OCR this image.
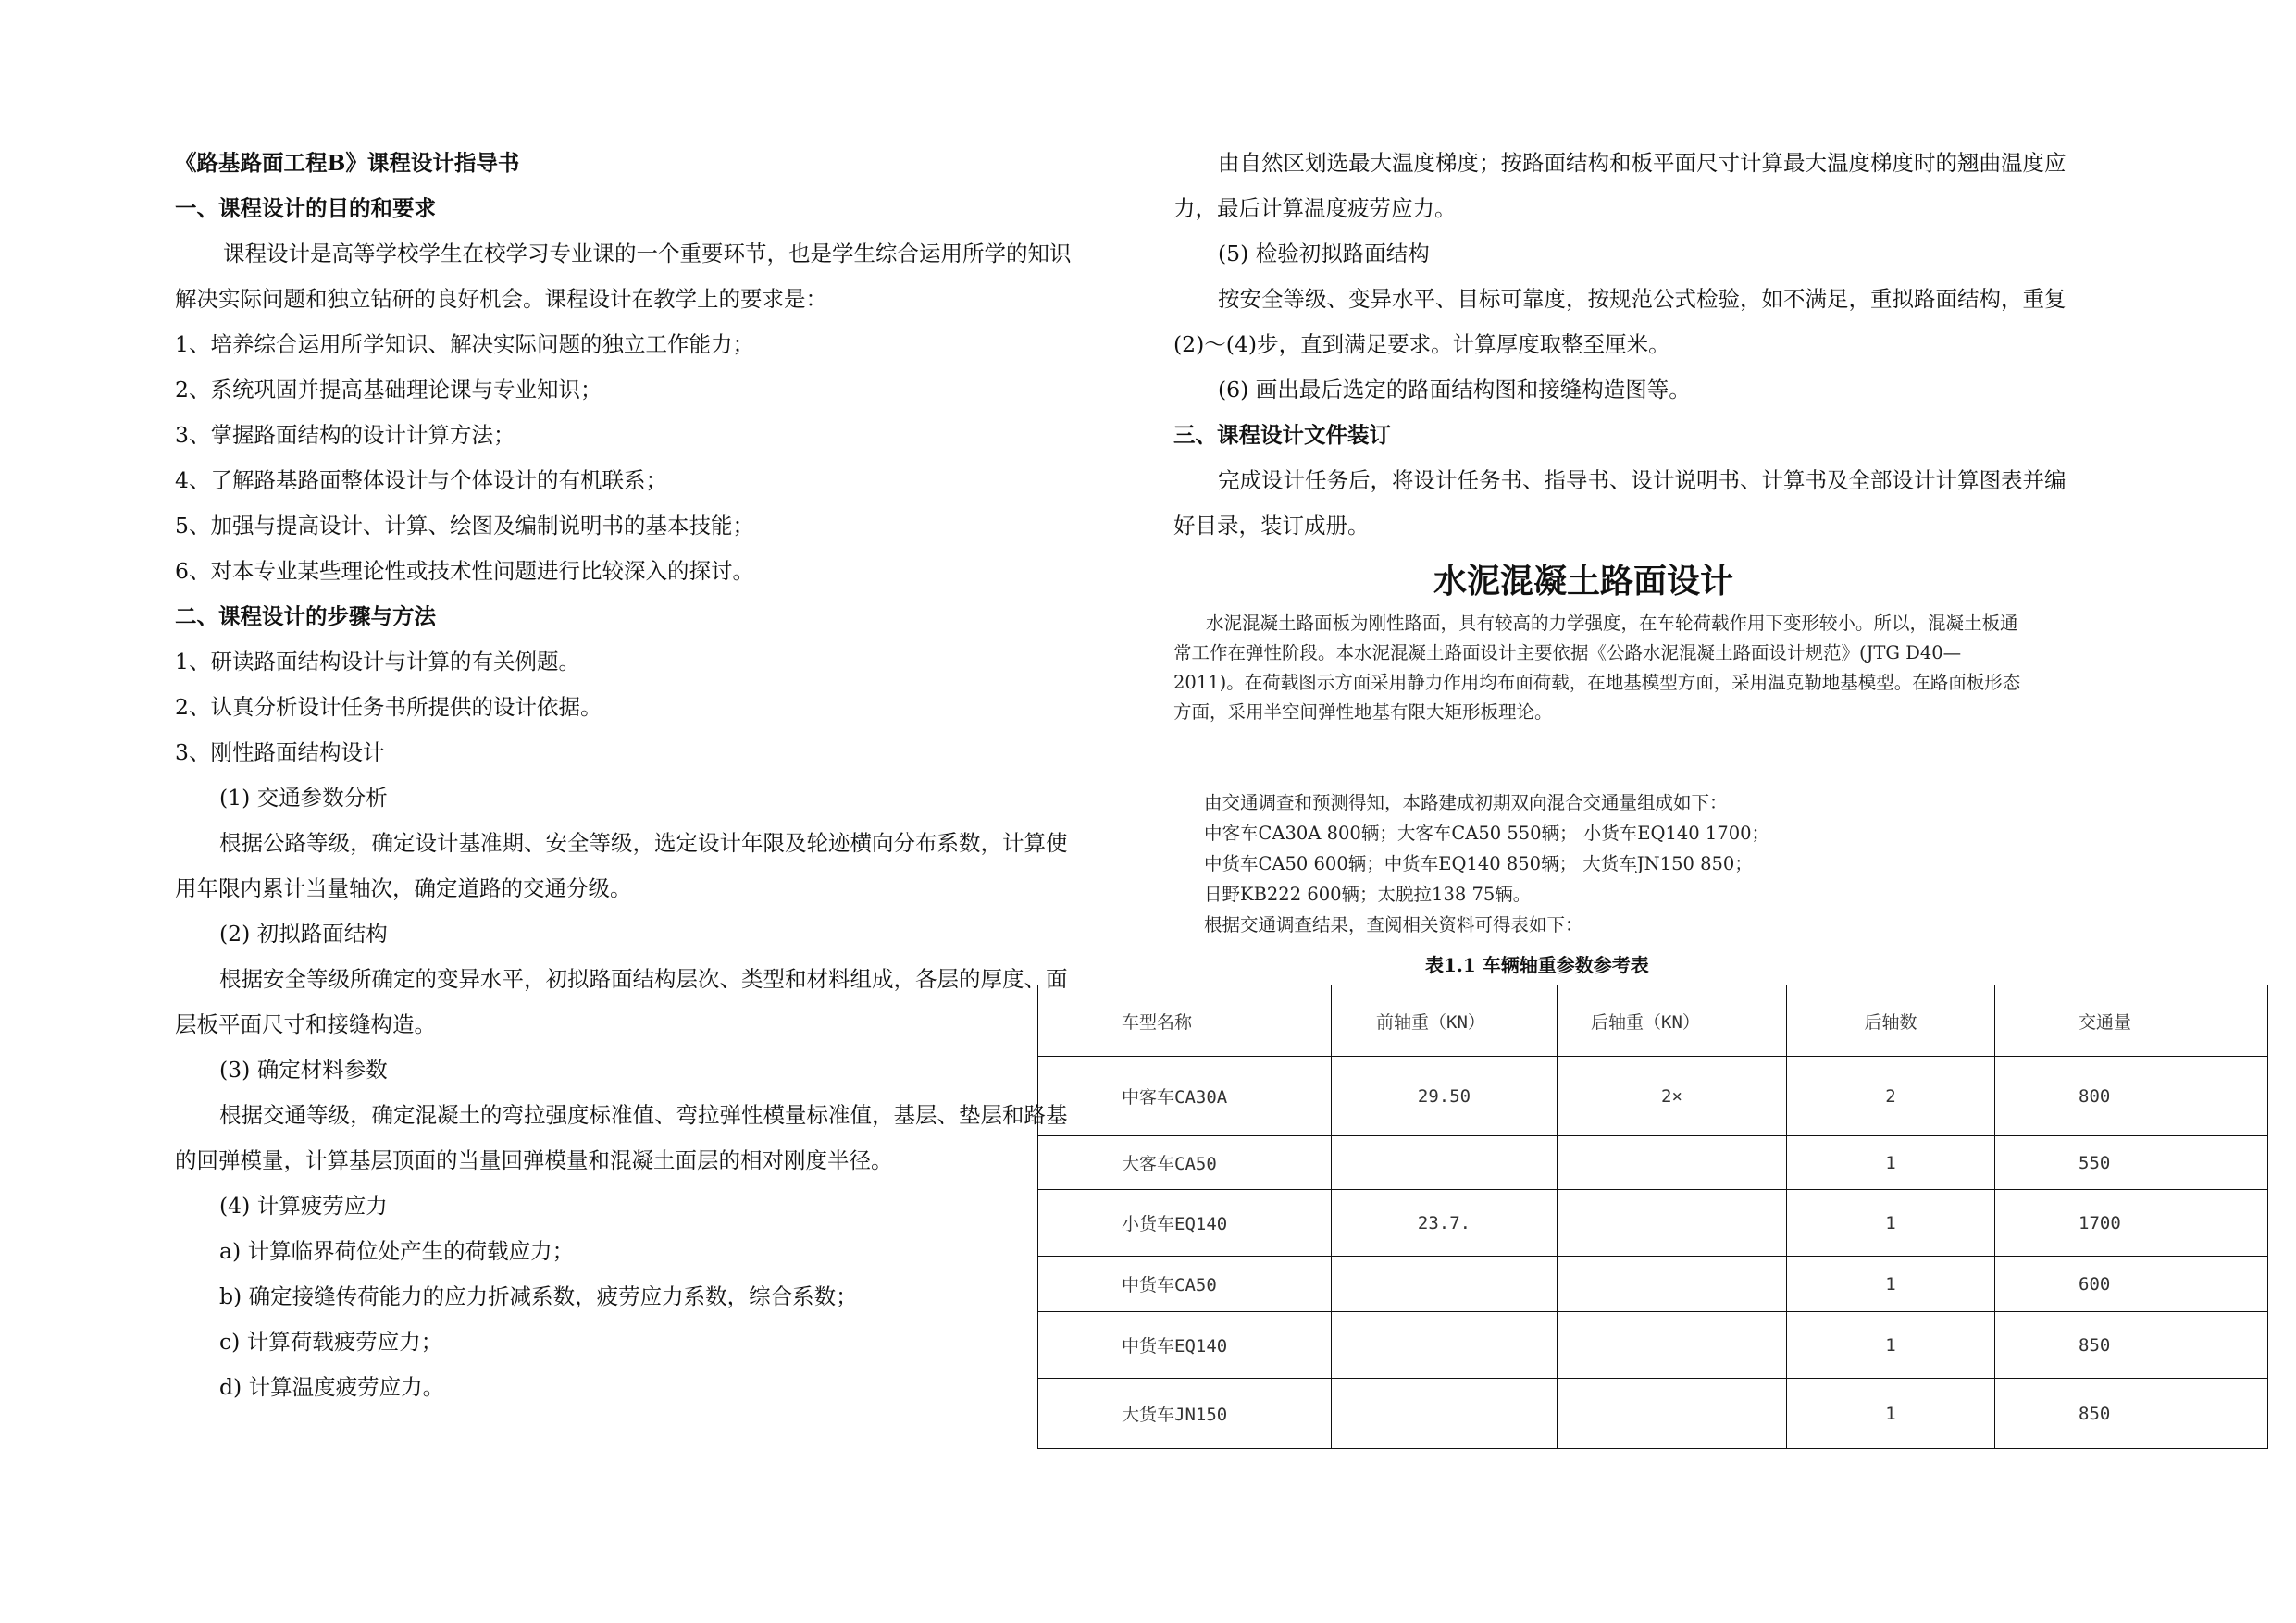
《路基路面工程B》课程设计指导书
一、课程设计的目的和要求
课程设计是高等学校学生在校学习专业课的一个重要环节，也是学生综合运用所学的知识
解决实际问题和独立钻研的良好机会。课程设计在教学上的要求是：
1、培养综合运用所学知识、解决实际问题的独立工作能力；
2、系统巩固并提高基础理论课与专业知识；
3、掌握路面结构的设计计算方法；
4、了解路基路面整体设计与个体设计的有机联系；
5、加强与提高设计、计算、绘图及编制说明书的基本技能；
6、对本专业某些理论性或技术性问题进行比较深入的探讨。
二、课程设计的步骤与方法
1、研读路面结构设计与计算的有关例题。
2、认真分析设计任务书所提供的设计依据。
3、刚性路面结构设计
(1) 交通参数分析
根据公路等级，确定设计基准期、安全等级，选定设计年限及轮迹横向分布系数，计算使
用年限内累计当量轴次，确定道路的交通分级。
(2) 初拟路面结构
根据安全等级所确定的变异水平，初拟路面结构层次、类型和材料组成，各层的厚度、面
层板平面尺寸和接缝构造。
(3) 确定材料参数
根据交通等级，确定混凝土的弯拉强度标准值、弯拉弹性模量标准值，基层、垫层和路基
的回弹模量，计算基层顶面的当量回弹模量和混凝土面层的相对刚度半径。
(4) 计算疲劳应力
a) 计算临界荷位处产生的荷载应力；
b) 确定接缝传荷能力的应力折减系数，疲劳应力系数，综合系数；
c) 计算荷载疲劳应力；
d) 计算温度疲劳应力。
由自然区划选最大温度梯度；按路面结构和板平面尺寸计算最大温度梯度时的翘曲温度应
力，最后计算温度疲劳应力。
(5) 检验初拟路面结构
按安全等级、变异水平、目标可靠度，按规范公式检验，如不满足，重拟路面结构，重复
(2)～(4)步，直到满足要求。计算厚度取整至厘米。
(6) 画出最后选定的路面结构图和接缝构造图等。
三、课程设计文件装订
完成设计任务后，将设计任务书、指导书、设计说明书、计算书及全部设计计算图表并编
好目录，装订成册。
水泥混凝土路面设计
水泥混凝土路面板为刚性路面，具有较高的力学强度，在车轮荷载作用下变形较小。所以，混凝土板通
常工作在弹性阶段。本水泥混凝土路面设计主要依据《公路水泥混凝土路面设计规范》(JTG D40—
2011)。在荷载图示方面采用静力作用均布面荷载，在地基模型方面，采用温克勒地基模型。在路面板形态
方面，采用半空间弹性地基有限大矩形板理论。
由交通调查和预测得知，本路建成初期双向混合交通量组成如下：
中客车CA30A 800辆；大客车CA50 550辆； 小货车EQ140 1700；
中货车CA50 600辆；中货车EQ140 850辆； 大货车JN150 850；
日野KB222 600辆；太脱拉138 75辆。
根据交通调查结果，查阅相关资料可得表如下：
表1.1 车辆轴重参数参考表
车型名称	前轴重（KN）	后轴重（KN）	后轴数	交通量
中客车CA30A	29.50	2×	2	800
大客车CA50			1	550
小货车EQ140	23.7.		1	1700
中货车CA50			1	600
中货车EQ140			1	850
大货车JN150			1	850
